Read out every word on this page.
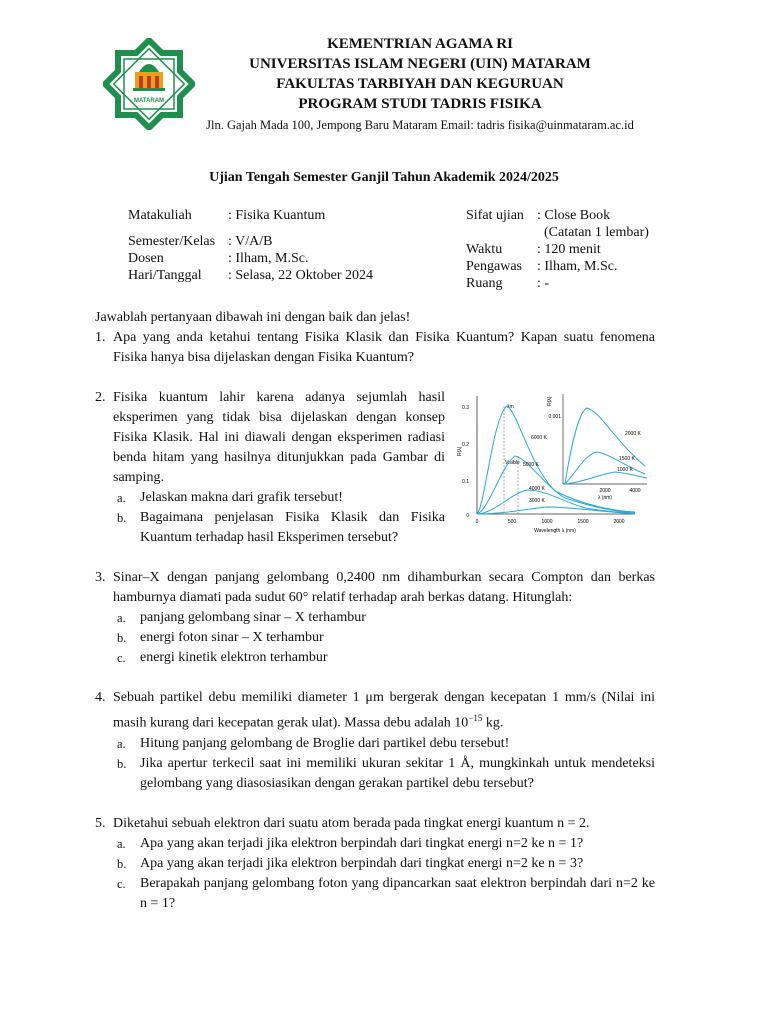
MATARAM
KEMENTRIAN AGAMA RI
UNIVERSITAS ISLAM NEGERI (UIN) MATARAM
FAKULTAS TARBIYAH DAN KEGURUAN
PROGRAM STUDI TADRIS FISIKA
Jln. Gajah Mada 100, Jempong Baru Mataram Email: tadris fisika@uinmataram.ac.id
Ujian Tengah Semester Ganjil Tahun Akademik 2024/2025
Matakuliah	: Fisika Kuantum
Semester/Kelas : V/A/B
Dosen	: Ilham, M.Sc.
Hari/Tanggal	: Selasa, 22 Oktober 2024
Sifat ujian : Close Book
(Catatan 1 lembar)
Waktu	: 120 menit
Pengawas	: Ilham, M.Sc.
Ruang	: -
Jawablah pertanyaan dibawah ini dengan baik dan jelas!
1. Apa yang anda ketahui tentang Fisika Klasik dan Fisika Kuantum? Kapan suatu fenomena Fisika hanya bisa dijelaskan dengan Fisika Kuantum?
2. Fisika kuantum lahir karena adanya sejumlah hasil eksperimen yang tidak bisa dijelaskan dengan konsep Fisika Klasik. Hal ini diawali dengan eksperimen radiasi benda hitam yang hasilnya ditunjukkan pada Gambar di samping.
a.	Jelaskan makna dari grafik tersebut!
b. Bagaimana penjelasan Fisika Klasik dan Fisika Kuantum terhadap hasil Eksperimen tersebut?
3. Sinar–X dengan panjang gelombang 0,2400 nm dihamburkan secara Compton dan berkas hamburnya diamati pada sudut 60° relatif terhadap arah berkas datang. Hitunglah:
a.	panjang gelombang sinar – X terhambur
b. energi foton sinar – X terhambur
c.	energi kinetik elektron terhambur
4. Sebuah partikel debu memiliki diameter 1 μm bergerak dengan kecepatan 1 mm/s (Nilai ini masih kurang dari kecepatan gerak ulat). Massa debu adalah $10^{-15}$ kg.
a.	Hitung panjang gelombang de Broglie dari partikel debu tersebut!
b. Jika apertur terkecil saat ini memiliki ukuran sekitar 1 Å, mungkinkah untuk mendeteksi gelombang yang diasosiasikan dengan gerakan partikel debu tersebut?
5. Diketahui sebuah elektron dari suatu atom berada pada tingkat energi kuantum n = 2.
a.	Apa yang akan terjadi jika elektron berpindah dari tingkat energi n=2 ke n = 1?
b. Apa yang akan terjadi jika elektron berpindah dari tingkat energi n=2 ke n = 3?
c.	Berapakah panjang gelombang foton yang dipancarkan saat elektron berpindah dari n=2 ke n = 1?
0
0.1
0.2
0.3
R(λ)
0	500	1000	1500	2000
Wavelength λ (nm)
λm
Visible
6000 K
5000 K
4000 K
3000 K
0.001
R(λ)
2000	4000
λ (nm)
2000 K
1500 K
1000 K
